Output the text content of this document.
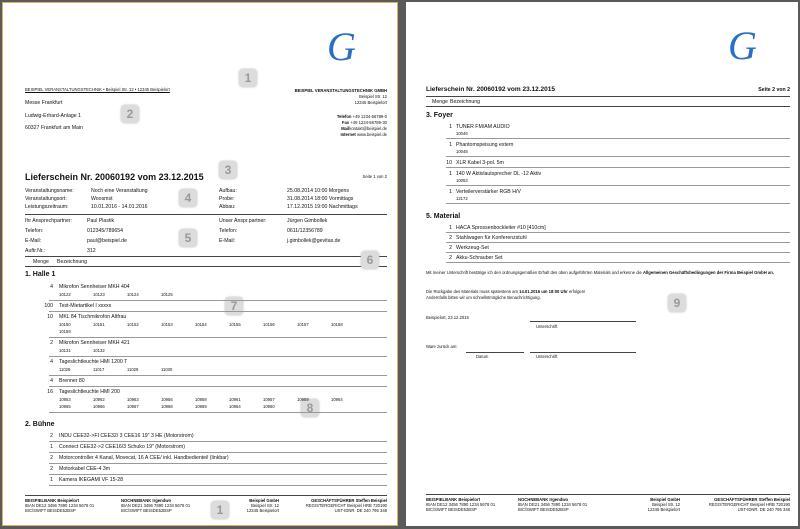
G
BEISPIEL VERANSTALTUNGSTECHNIK • Beispiel Str. 12 • 12345 Beispielort
Messe Frankfurt
Ludwig-Erhard-Anlage 1
60327 Frankfurt am Main
BEISPIEL VERANSTALTUNGSTECHNIK GMBH
Beispiel Str. 12
12345 Beispielort
Telefon +49 1234-56789-0
Fax +49 1234-56789-30
Mailkontakt@beispiel.de
Internet www.beispiel.de
Lieferschein Nr. 20060192 vom 23.12.2015	Seite 1 von 2
Veranstaltungsname:	Noch eine Veranstaltung
Veranstaltungsort:	Woosmst
Leistungszeitraum:	10.01.2016 - 14.01.2016
Aufbau:	25.08.2014 10:00 Morgens
Probe:	31.08.2014 18:00 Vormittags
Abbau:	17.12.2015 19:00 Nachmittags
Ihr Ansprechpartner:	Paul Plastik
Telefon:	012345/789654
E-Mail:	paul@beispiel.de
Auftr.Nr.:	312
Unser Anspr.partner:	Jürgen Gimbollek
Telefon:	0611/12356789
E-Mail:	j.gimbollek@gevitas.de
Menge Bezeichnung
1. Halle 1
2. Bühne
BEISPIELBANK Beispielort
IBAN DE12 3456 7890 1234 5678 01
BIC/SWIFT BEISDE52BSP
NOCHNEBANK Irgendwo
IBAN DE21 3456 7890 1234 5678 01
BIC/SWIFT BEISDE52BSP
Beispiel GmbH
Beispiel Str. 12
12345 Beispielort
GESCHÄFTSFÜHRER Steffen Beispiel
REGISTERGERICHT Beispiel HRB 720190
UST-IDNR. DE 240 795 348
1
2
3
4
5
6
7
8
1
4 Mikrofon Sennheiser MKH 404
10122	10123	10124	10125
100 Test-Mietartikel I xxxxx
10 MKL 84 Tischmikrofon Altfrau
10150	10151	10152	10153	10154	10155	10156	10157	10158
10159
2 Mikrofon Sennheiser MKH 421
10131	10132
4 Tageslichtleuchte HMI 1200 T
11028	11017	11029	11030
4 Brenner 80
16 Tageslichtleuchte HMI 200
10953	10962	10963	10956	10958	10961	10957	10959	10964
10965	10966	10967	10968	10969	10954	10960
2 INDU CEE32->FI CEE32/ 3 CEE16 19" 3 HE (Motorstrom)
1 Connect CEE32->2 CEE16/3 Schuko 19" (Motorstrom)
2 Motorcontroller 4 Kanal, Movecat, 16 A CEE/ inkl. Handbedienteil (linkbar)
2 Motorkabel CEE-4 3m
1 Kamera IKEGAMI VF 15-28
G
Lieferschein Nr. 20060192 vom 23.12.2015	Seite 2 von 2
Menge Bezeichnung
3. Foyer
5. Material
Mit meiner Unterschrift bestätige ich den ordnungsgemäßen Erhalt des oben aufgeführten Materials und erkenne die Allgemeinen Geschäftsbedingungen der Firma Beispiel GmbH an.
Die Rückgabe des Materials muss spätestens am 14.01.2016 um 18:00 Uhr erfolgen!
Andernfalls bitten wir um schnellstmögliche Benachrichtigung.
Beispielort, 23.12.2015
Unterschrift
Ware zurück am:
Datum	Unterschrift
9
BEISPIELBANK Beispielort
IBAN DE12 3456 7890 1234 5678 01
BIC/SWIFT BEISDE52BSP
NOCHNEBANK Irgendwo
IBAN DE21 3456 7890 1234 5678 01
BIC/SWIFT BEISDE52BSP
Beispiel GmbH
Beispiel Str. 12
12345 Beispielort
GESCHÄFTSFÜHRER Steffen Beispiel
REGISTERGERICHT Beispiel HRB 720190
UST-IDNR. DE 240 795 348
1 TUNER FM/AM AUDIO
10046
1 Phantomspeisung extern
10048
10 XLR Kabel 3-pol. 5m
1 140 W Aktivlautsprecher DL -12 Aktiv
10053
1 Verteilerverstärker RGB H/V
12172
1 HACA Sprossenbockleiter #10 [410cm]
2 Stahlwagen für Konferenzstuhl
2 Werkzeug-Set
2 Akku-Schrauber Set
